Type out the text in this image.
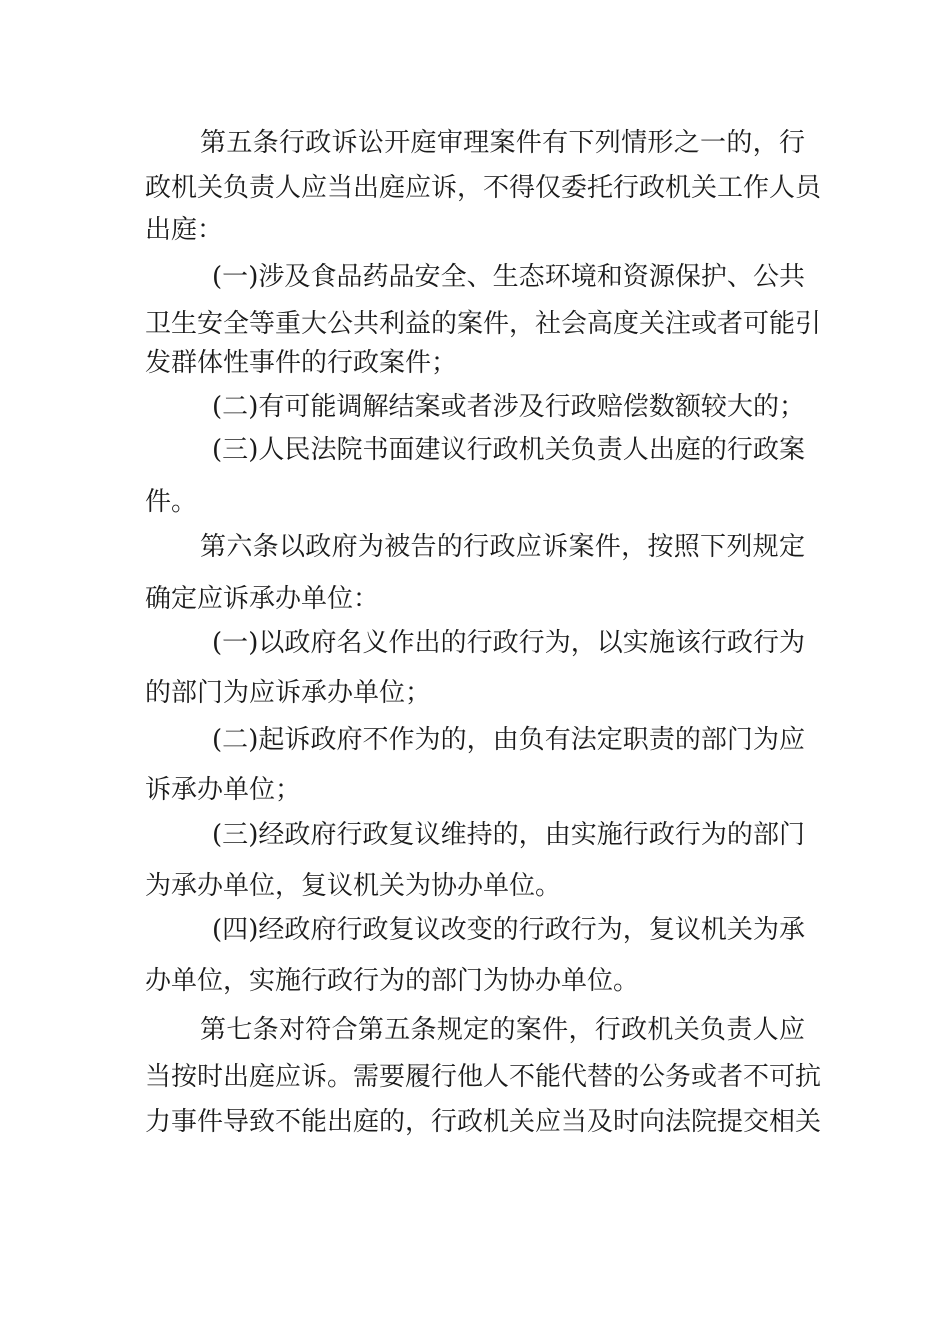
第五条行政诉讼开庭审理案件有下列情形之一的，行
政机关负责人应当出庭应诉，不得仅委托行政机关工作人员
出庭：
(一)涉及食品药品安全、生态环境和资源保护、公共
卫生安全等重大公共利益的案件，社会高度关注或者可能引
发群体性事件的行政案件；
(二)有可能调解结案或者涉及行政赔偿数额较大的；
(三)人民法院书面建议行政机关负责人出庭的行政案
件。
第六条以政府为被告的行政应诉案件，按照下列规定
确定应诉承办单位：
(一)以政府名义作出的行政行为，以实施该行政行为
的部门为应诉承办单位；
(二)起诉政府不作为的，由负有法定职责的部门为应
诉承办单位；
(三)经政府行政复议维持的，由实施行政行为的部门
为承办单位，复议机关为协办单位。
(四)经政府行政复议改变的行政行为，复议机关为承
办单位，实施行政行为的部门为协办单位。
第七条对符合第五条规定的案件，行政机关负责人应
当按时出庭应诉。需要履行他人不能代替的公务或者不可抗
力事件导致不能出庭的，行政机关应当及时向法院提交相关
